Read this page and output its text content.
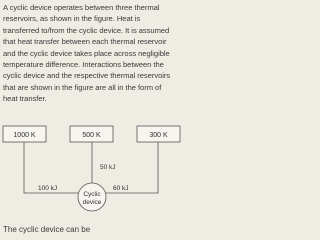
A cyclic device operates between three thermal
reservoirs, as shown in the figure. Heat is
transferred to/from the cyclic device. It is assumed
that heat transfer between each thermal reservoir
and the cyclic device takes place across negligible
temperature difference. Interactions between the
cyclic device and the respective thermal reservoirs
that are shown in the figure are all in the form of
heat transfer.
1000 K	500 K	300 K
50 kJ
100 kJ	60 kJ
Cyclic
device
The cyclic device can be
